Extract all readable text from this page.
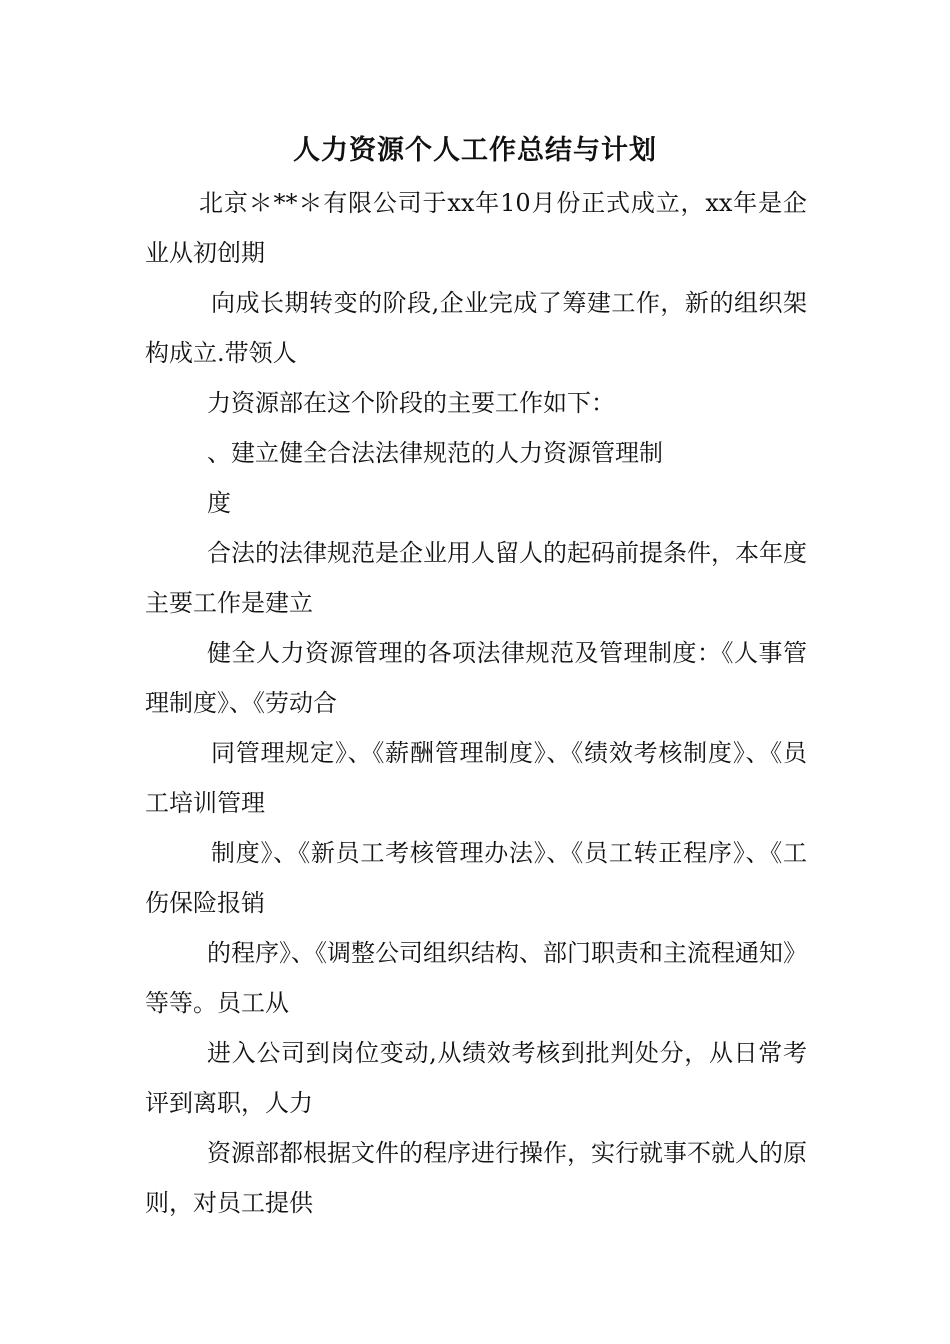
人力资源个人工作总结与计划

北京＊**＊有限公司于xx年10月份正式成立，xx年是企业从初创期

向成长期转变的阶段,企业完成了筹建工作，新的组织架构成立.带领人

力资源部在这个阶段的主要工作如下：

、建立健全合法法律规范的人力资源管理制

度

合法的法律规范是企业用人留人的起码前提条件，本年度主要工作是建立

健全人力资源管理的各项法律规范及管理制度：《人事管理制度》、《劳动合

同管理规定》、《薪酬管理制度》、《绩效考核制度》、《员工培训管理

制度》、《新员工考核管理办法》、《员工转正程序》、《工伤保险报销

的程序》、《调整公司组织结构、部门职责和主流程通知》等等。员工从

进入公司到岗位变动,从绩效考核到批判处分，从日常考评到离职，人力

资源部都根据文件的程序进行操作，实行就事不就人的原则，对员工提供
